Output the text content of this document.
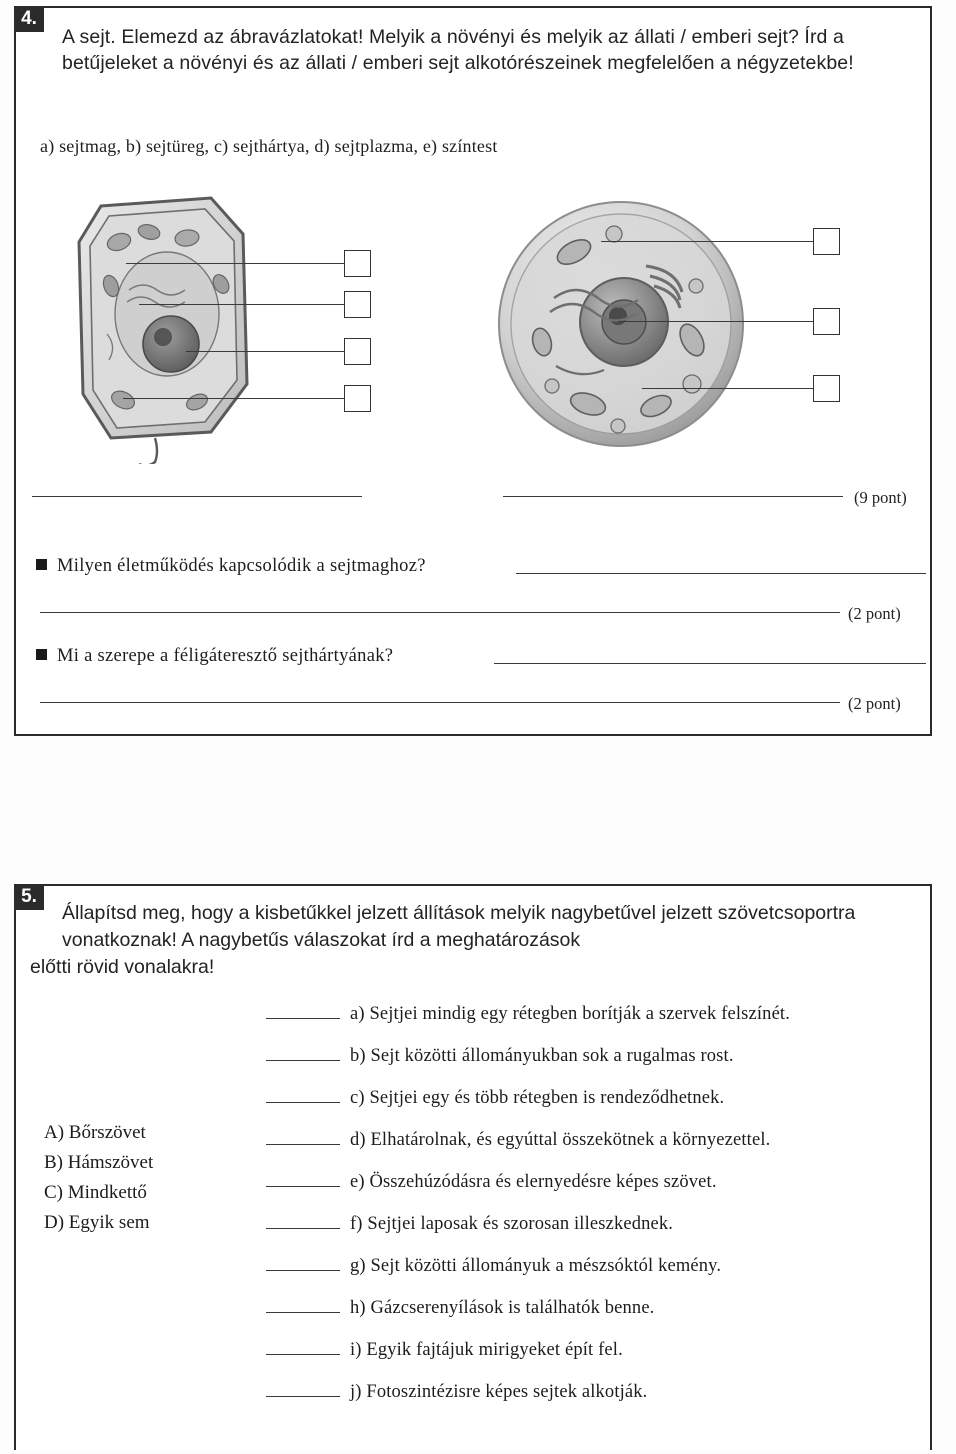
4.
A sejt. Elemezd az ábravázlatokat! Melyik a növényi és melyik az állati / emberi sejt? Írd a betűjeleket a növényi és az állati / emberi sejt alkotórészeinek megfelelően a négyzetekbe!
a) sejtmag, b) sejtüreg, c) sejthártya, d) sejtplazma, e) színtest
(9 pont)
Milyen életműködés kapcsolódik a sejtmaghoz?
(2 pont)
Mi a szerepe a féligáteresztő sejthártyának?
(2 pont)
5.
Állapítsd meg, hogy a kisbetűkkel jelzett állítások melyik nagybetűvel jelzett szövetcsoportra vonatkoznak! A nagybetűs válaszokat írd a meghatározások
előtti rövid vonalakra!
A) Bőrszövet
B) Hámszövet
C) Mindkettő
D) Egyik sem
a) Sejtjei mindig egy rétegben borítják a szervek felszínét.
b) Sejt közötti állományukban sok a rugalmas rost.
c) Sejtjei egy és több rétegben is rendeződhetnek.
d) Elhatárolnak, és egyúttal összekötnek a környezettel.
e) Összehúzódásra és elernyedésre képes szövet.
f) Sejtjei laposak és szorosan illeszkednek.
g) Sejt közötti állományuk a mészsóktól kemény.
h) Gázcserenyílások is találhatók benne.
i) Egyik fajtájuk mirigyeket épít fel.
j) Fotoszintézisre képes sejtek alkotják.
